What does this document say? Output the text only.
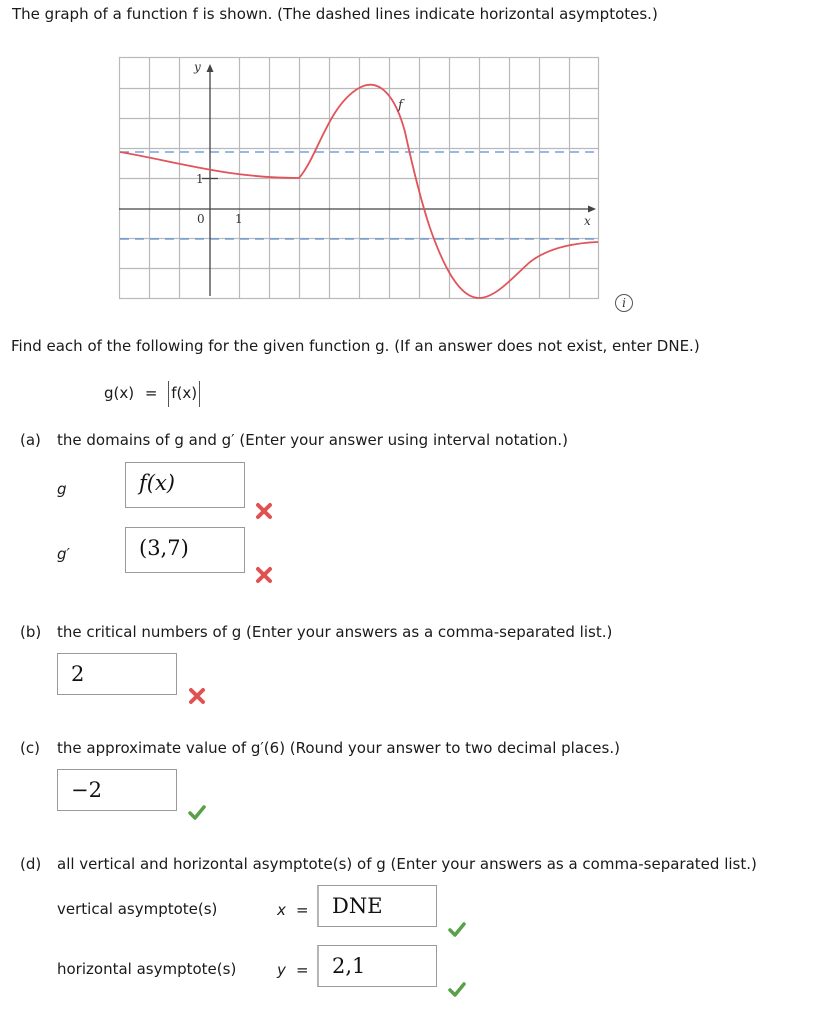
The graph of a function f is shown. (The dashed lines indicate horizontal asymptotes.)
y
x
f
1
0	1
i
Find each of the following for the given function g. (If an answer does not exist, enter DNE.)
g(x) = f(x)
(a) the domains of g and g′ (Enter your answer using interval notation.)
g	f(x)
g′	(3,7)
(b) the critical numbers of g (Enter your answers as a comma-separated list.)
2
(c) the approximate value of g′(6) (Round your answer to two decimal places.)
−2
(d) all vertical and horizontal asymptote(s) of g (Enter your answers as a comma-separated list.)
vertical asymptote(s)	x =	DNE
horizontal asymptote(s)	y =	2,1
